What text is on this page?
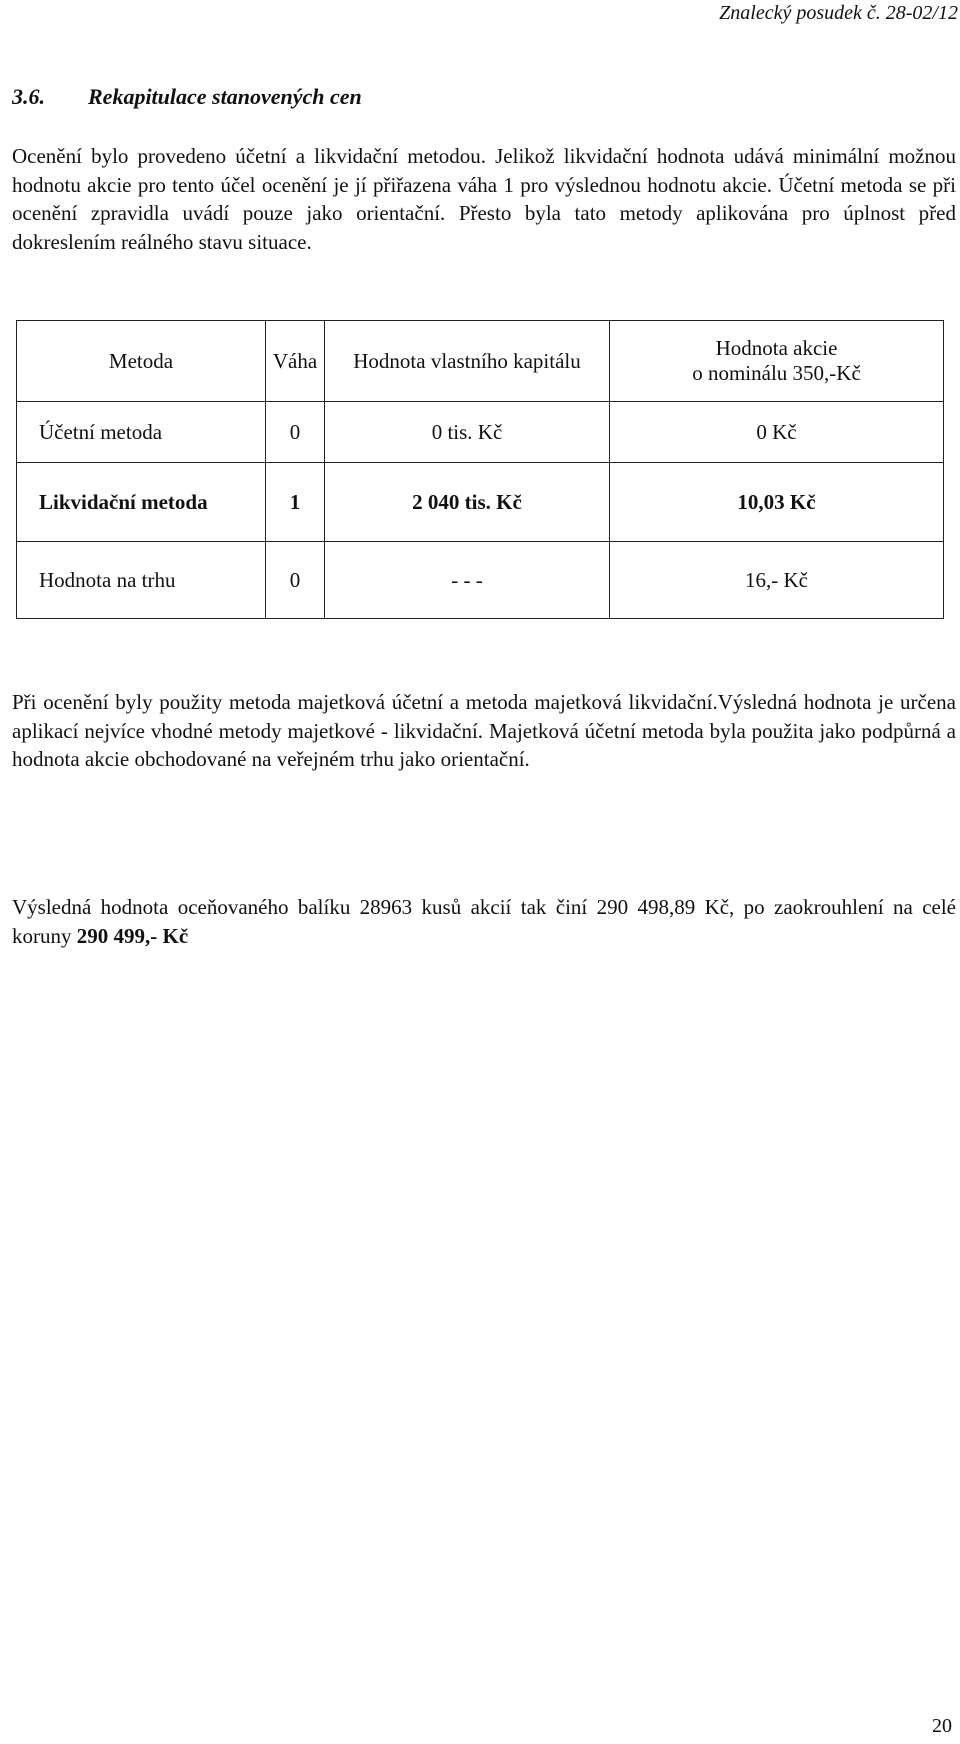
Znalecký posudek č. 28-02/12
3.6. Rekapitulace stanovených cen

Ocenění bylo provedeno účetní a likvidační metodou. Jelikož likvidační hodnota udává minimální možnou hodnotu akcie pro tento účel ocenění je jí přiřazena váha 1 pro výslednou hodnotu akcie. Účetní metoda se při ocenění zpravidla uvádí pouze jako orientační. Přesto byla tato metody aplikována pro úplnost před dokreslením reálného stavu situace.

Metoda	Váha	Hodnota vlastního kapitálu	Hodnota akcie
o nominálu 350,-Kč

Účetní metoda	0	0 tis. Kč	0 Kč
Likvidační metoda	1	2 040 tis. Kč	10,03 Kč
Hodnota na trhu	0	- - -	16,- Kč

Při ocenění byly použity metoda majetková účetní a metoda majetková likvidační.Výsledná hodnota je určena aplikací nejvíce vhodné metody majetkové - likvidační. Majetková účetní metoda byla použita jako podpůrná a hodnota akcie obchodované na veřejném trhu jako orientační.

Výsledná hodnota oceňovaného balíku 28963 kusů akcií tak činí 290 498,89 Kč, po zaokrouhlení na celé koruny 290 499,- Kč

20
